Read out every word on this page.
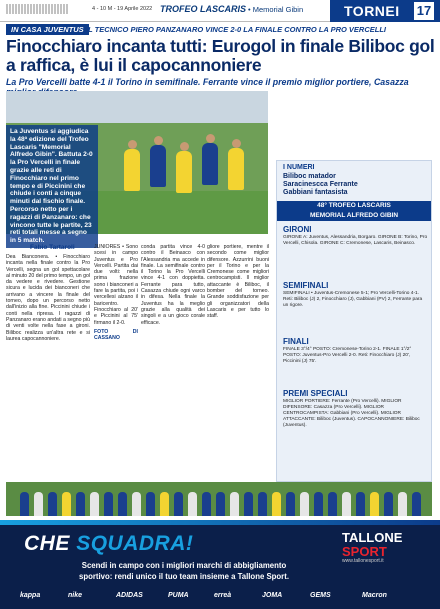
4 - 10 M - 19 Aprile 2022 TROFEO LASCARIS • Memorial Gibin	TORNEI 17
IN CASA JUVENTUS IL TECNICO PIERO PANZANARO VINCE 2-0 LA FINALE CONTRO LA PRO VERCELLI
Finocchiaro incanta tutti: Eurogol in finale Biliboc gol a raffica, è lui il capocannoniere
La Pro Vercelli batte 4-1 il Torino in semifinale. Ferrante vince il premio miglior portiere, Casazza
La Juventus si aggiudica la 48ª edizione del Trofeo Lascaris "Memorial Alfredo Gibin". Battuta 2-0 la Pro Vercelli in finale grazie alle reti di Finocchiaro nel primo tempo e di Piccinini che chiude i conti a cinque minuti dal fischio finale. Percorso netto per i ragazzi di Panzanaro: che vincono tutte le partite, 23 reti totali messe a segno in 5 match.
Fabio Tartaroli
Dea Bianconera. • Finocchiaro incanta nella finale contro la Pro Vercelli, segna un gol spettacolare al minuto 20 del primo tempo, un gol da vedere e rivedere. Gestione sicura e lucida dei bianconeri che arrivano a vincere la finale del torneo, dopo un percorso netto dall'inizio alla fine. Piccinini chiude i conti nella ripresa. I ragazzi di Panzanaro erano andati a segno più di venti volte nella fase a gironi. Biliboc realizza un'altra rete e si laurea capocannoniere.
JUNIORES • Sono scesi in campo Juventus e Pro Vercelli. Partita dai due volti: nella prima frazione sono i bianconeri a fare la partita, poi i vercellesi alzano il baricentro. Finocchiaro al 20' e Piccinini al 75' firmano il 2-0.
FOTO DI CASSANO
conda partita vince 4-0 contro il Beinasco con l'Alessandria ma accede in finale. La semifinale contro il Torino la Pro Vercelli vince 4-1 con doppietta. Ferrante para tutto, Casazza chiude ogni varco in difesa. Nella finale la Juventus ha la meglio grazie alla qualità dei singoli e a un gioco corale efficace.
gliore portiere, mentre il secondo come miglior difensore. Azzurrini buoni per il Torino e per la Cremonese come migliori centrocampisti. Il miglior attaccante è Biliboc, il bomber del torneo. Grande soddisfazione per gli organizzatori della Lascaris e per tutto lo staff.
I NUMERI
Biliboc matador
Saracinescca Ferrante
Gabbiani fantasista
48° TROFEO LASCARIS
MEMORIAL ALFREDO GIBIN
GIRONI
GIRONE A: Juventus, Alessandria, Borgaro. GIRONE B: Torino, Pro Vercelli, Chisola. GIRONE C: Cremonese, Lascaris, Beinasco.
SEMIFINALI
SEMIFINALI • Juventus-Cremonese 5-1; Pro Vercelli-Torino 4-1. Reti: Biliboc (J) 2, Finocchiaro (J), Gabbiani (PV) 2, Ferrante para un rigore.
FINALI
FINALE 3°/4° POSTO: Cremonese-Torino 2-1. FINALE 1°/2° POSTO: Juventus-Pro Vercelli 2-0. Reti: Finocchiaro (J) 20', Piccinini (J) 75'.
PREMI SPECIALI
MIGLIOR PORTIERE: Ferrante (Pro Vercelli). MIGLIOR DIFENSORE: Casazza (Pro Vercelli). MIGLIOR CENTROCAMPISTA: Gabbiani (Pro Vercelli). MIGLIOR ATTACCANTE: Biliboc (Juventus). CAPOCANNONIERE: Biliboc (Juventus).
CHE SQUADRA!
Scendi in campo con i migliori marchi di abbigliamento
sportivo: rendi unico il tuo team insieme a Tallone Sport.
TALLONE
SPORT
www.tallonesport.it
kappa	nike	ADIDAS	PUMA	erreà	JOMA	GEMS	Macron
